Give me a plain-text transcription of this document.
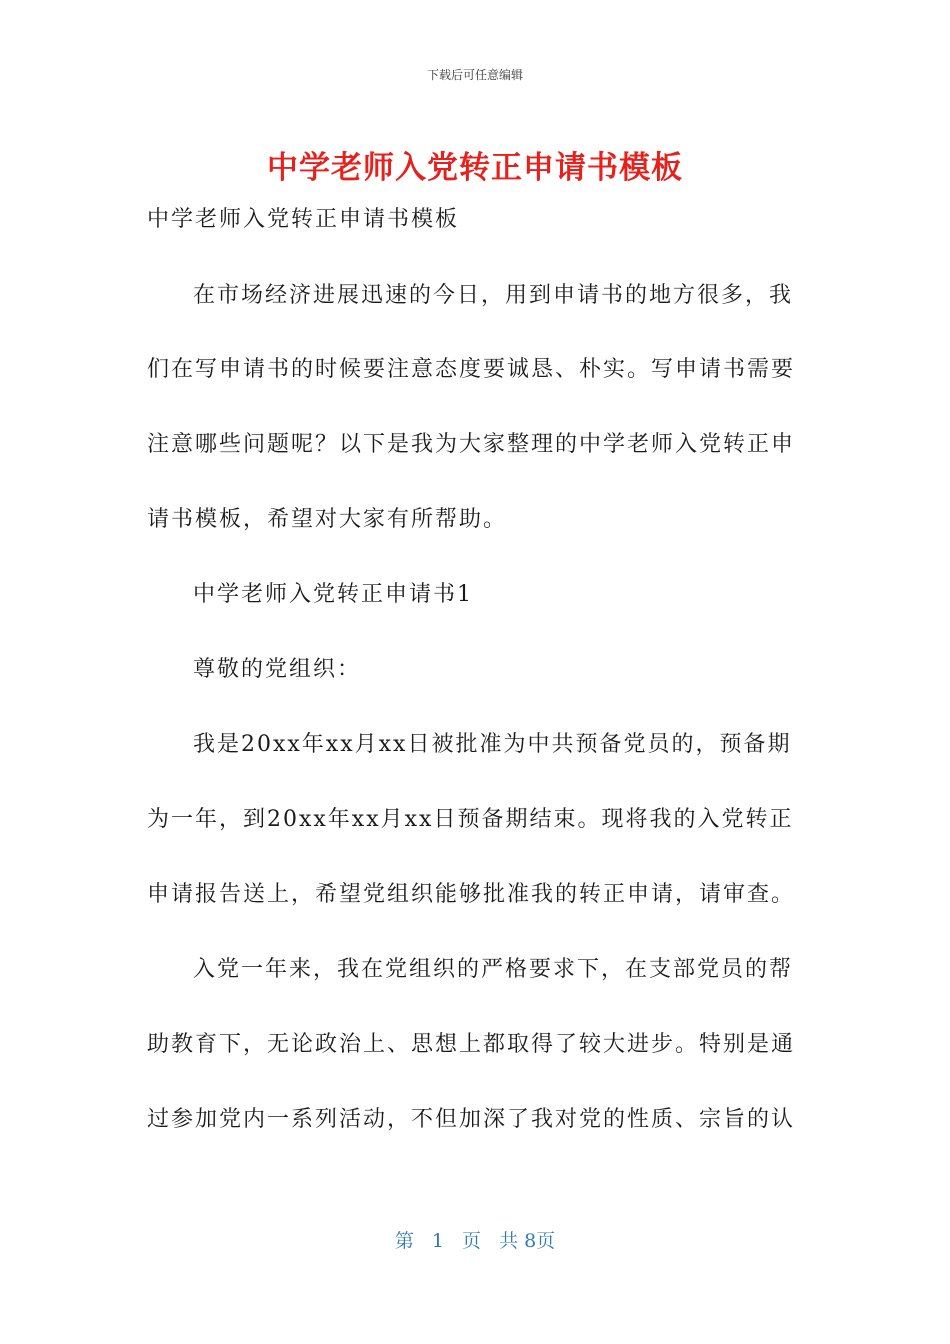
下载后可任意编辑
中学老师入党转正申请书模板
中学老师入党转正申请书模板
在市场经济进展迅速的今日，用到申请书的地方很多，我
们在写申请书的时候要注意态度要诚恳、朴实。写申请书需要
注意哪些问题呢？以下是我为大家整理的中学老师入党转正申
请书模板，希望对大家有所帮助。
中学老师入党转正申请书1
尊敬的党组织：
我是20xx年xx月xx日被批准为中共预备党员的，预备期
为一年，到20xx年xx月xx日预备期结束。现将我的入党转正
申请报告送上，希望党组织能够批准我的转正申请，请审查。
入党一年来，我在党组织的严格要求下，在支部党员的帮
助教育下，无论政治上、思想上都取得了较大进步。特别是通
过参加党内一系列活动，不但加深了我对党的性质、宗旨的认
第 1 页 共 8页
